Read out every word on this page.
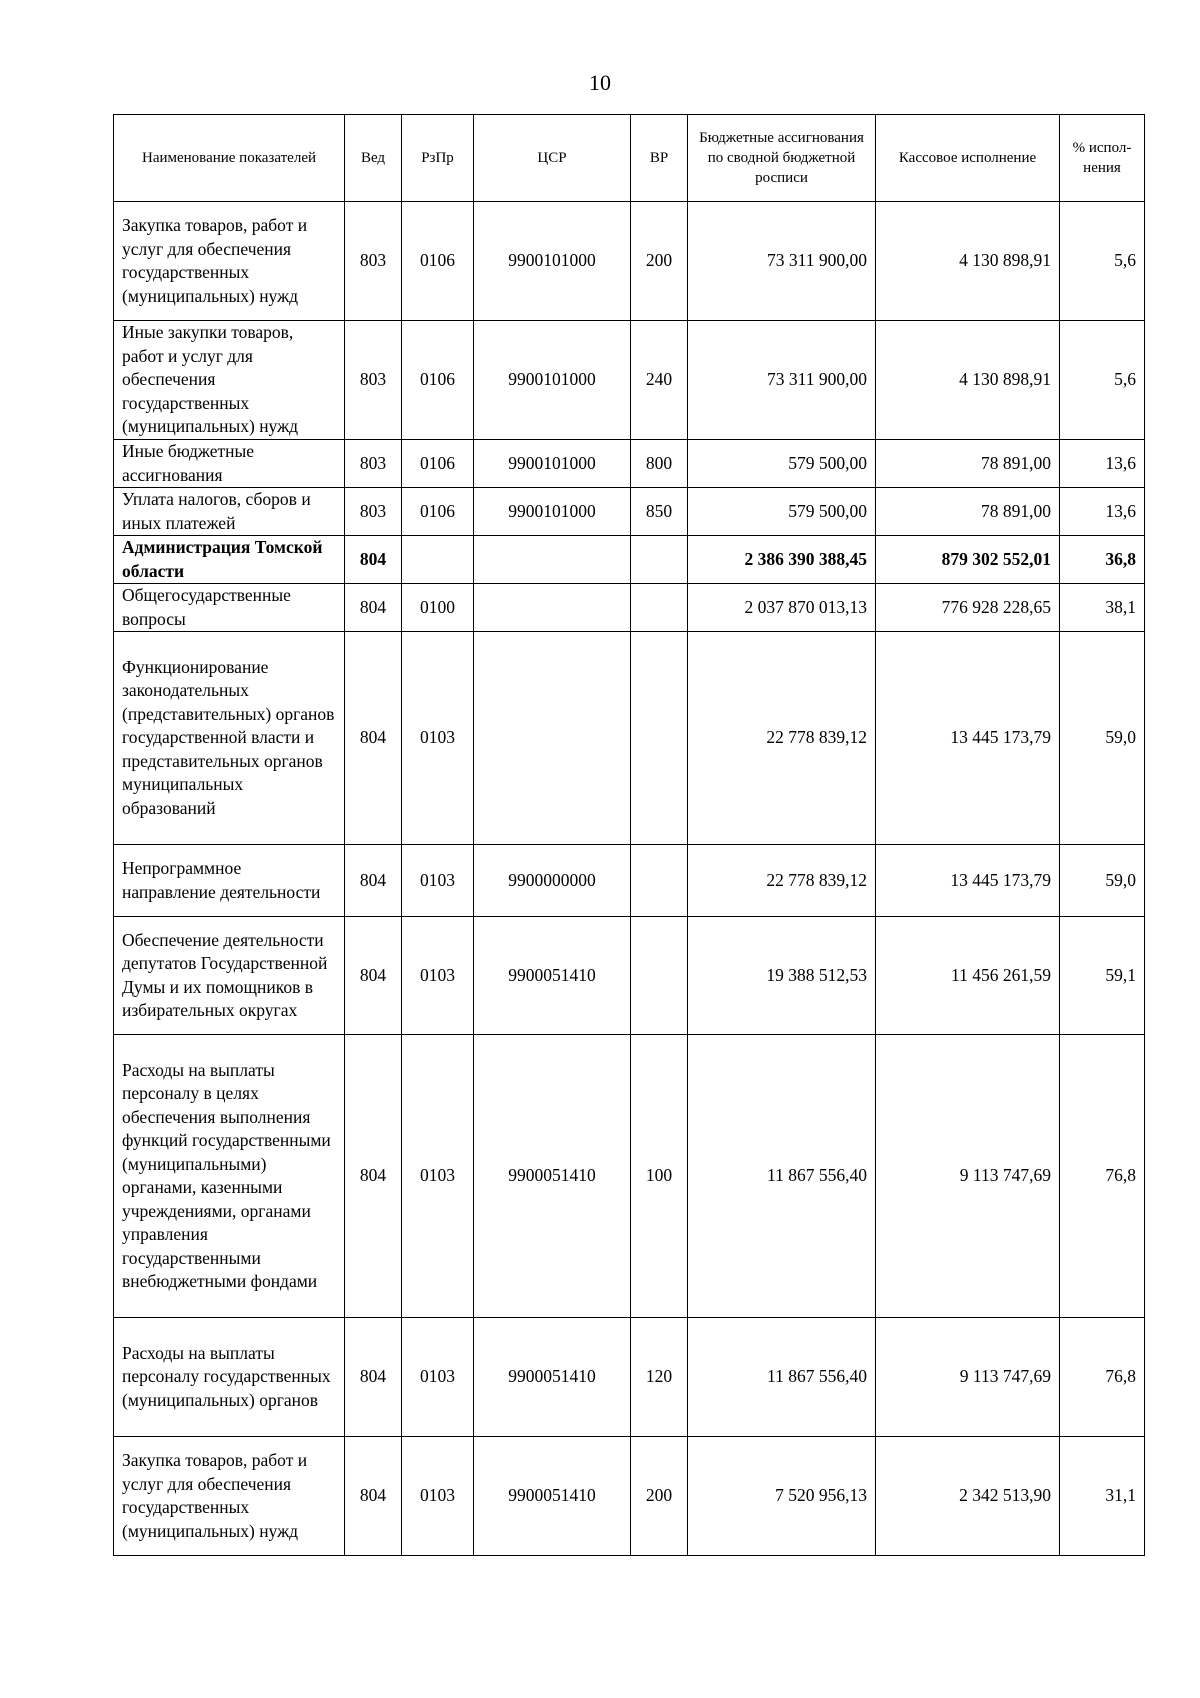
10
Наименование показателей	Вед	РзПр	ЦСР	ВР	Бюджетные ассигнования по сводной бюджетной росписи	Кассовое исполнение	% испол-нения
Закупка товаров, работ и услуг для обеспечения государственных (муниципальных) нужд	803	0106	9900101000	200	73 311 900,00	4 130 898,91	5,6
Иные закупки товаров, работ и услуг для обеспечения государственных (муниципальных) нужд	803	0106	9900101000	240	73 311 900,00	4 130 898,91	5,6
Иные бюджетные ассигнования	803	0106	9900101000	800	579 500,00	78 891,00	13,6
Уплата налогов, сборов и иных платежей	803	0106	9900101000	850	579 500,00	78 891,00	13,6
Администрация Томской области	804				2 386 390 388,45	879 302 552,01	36,8
Общегосударственные вопросы	804	0100			2 037 870 013,13	776 928 228,65	38,1
Функционирование законодательных (представительных) органов государственной власти и представительных органов муниципальных образований	804	0103			22 778 839,12	13 445 173,79	59,0
Непрограммное направление деятельности	804	0103	9900000000		22 778 839,12	13 445 173,79	59,0
Обеспечение деятельности депутатов Государственной Думы и их помощников в избирательных округах	804	0103	9900051410		19 388 512,53	11 456 261,59	59,1
Расходы на выплаты персоналу в целях обеспечения выполнения функций государственными (муниципальными) органами, казенными учреждениями, органами управления государственными внебюджетными фондами	804	0103	9900051410	100	11 867 556,40	9 113 747,69	76,8
Расходы на выплаты персоналу государственных (муниципальных) органов	804	0103	9900051410	120	11 867 556,40	9 113 747,69	76,8
Закупка товаров, работ и услуг для обеспечения государственных (муниципальных) нужд	804	0103	9900051410	200	7 520 956,13	2 342 513,90	31,1
